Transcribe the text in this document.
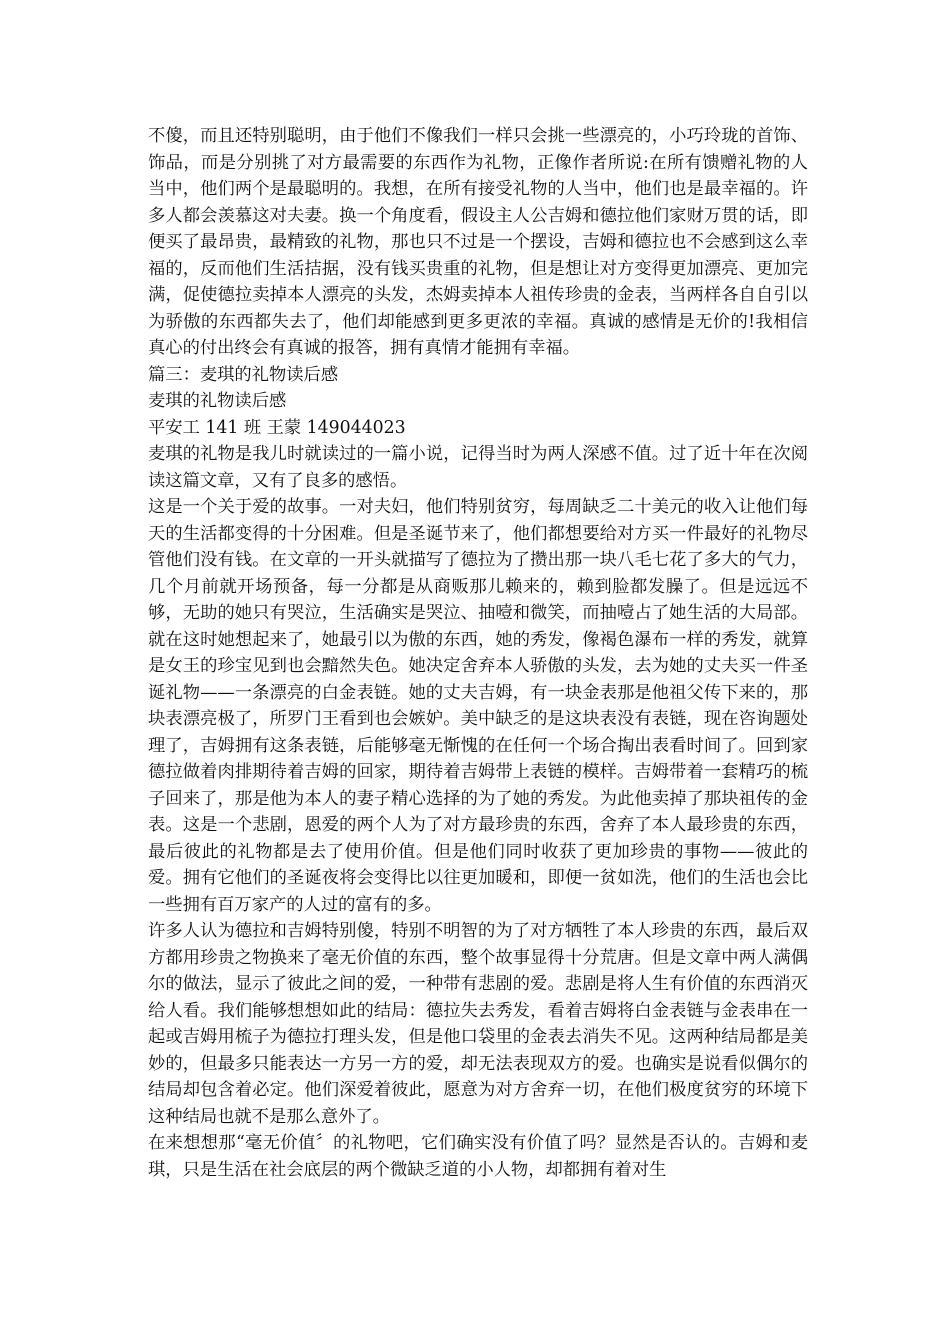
不傻，而且还特别聪明，由于他们不像我们一样只会挑一些漂亮的，小巧玲珑的首饰、饰品，而是分别挑了对方最需要的东西作为礼物，正像作者所说:在所有馈赠礼物的人当中，他们两个是最聪明的。我想，在所有接受礼物的人当中，他们也是最幸福的。许多人都会羡慕这对夫妻。换一个角度看，假设主人公吉姆和德拉他们家财万贯的话，即便买了最昂贵，最精致的礼物，那也只不过是一个摆设，吉姆和德拉也不会感到这么幸福的，反而他们生活拮据，没有钱买贵重的礼物，但是想让对方变得更加漂亮、更加完满，促使德拉卖掉本人漂亮的头发，杰姆卖掉本人祖传珍贵的金表，当两样各自自引以为骄傲的东西都失去了，他们却能感到更多更浓的幸福。真诚的感情是无价的!我相信真心的付出终会有真诚的报答，拥有真情才能拥有幸福。

篇三：麦琪的礼物读后感

麦琪的礼物读后感

平安工 141 班 王蒙 149044023

麦琪的礼物是我儿时就读过的一篇小说，记得当时为两人深感不值。过了近十年在次阅读这篇文章，又有了良多的感悟。

这是一个关于爱的故事。一对夫妇，他们特别贫穷，每周缺乏二十美元的收入让他们每天的生活都变得的十分困难。但是圣诞节来了，他们都想要给对方买一件最好的礼物尽管他们没有钱。在文章的一开头就描写了德拉为了攒出那一块八毛七花了多大的气力，几个月前就开场预备，每一分都是从商贩那儿赖来的，赖到脸都发臊了。但是远远不够，无助的她只有哭泣，生活确实是哭泣、抽噎和微笑，而抽噎占了她生活的大局部。就在这时她想起来了，她最引以为傲的东西，她的秀发，像褐色瀑布一样的秀发，就算是女王的珍宝见到也会黯然失色。她决定舍弃本人骄傲的头发，去为她的丈夫买一件圣诞礼物——一条漂亮的白金表链。她的丈夫吉姆，有一块金表那是他祖父传下来的，那块表漂亮极了，所罗门王看到也会嫉妒。美中缺乏的是这块表没有表链，现在咨询题处理了，吉姆拥有这条表链，后能够毫无惭愧的在任何一个场合掏出表看时间了。回到家德拉做着肉排期待着吉姆的回家，期待着吉姆带上表链的模样。吉姆带着一套精巧的梳子回来了，那是他为本人的妻子精心选择的为了她的秀发。为此他卖掉了那块祖传的金表。这是一个悲剧，恩爱的两个人为了对方最珍贵的东西，舍弃了本人最珍贵的东西，最后彼此的礼物都是去了使用价值。但是他们同时收获了更加珍贵的事物——彼此的爱。拥有它他们的圣诞夜将会变得比以往更加暖和，即便一贫如洗，他们的生活也会比一些拥有百万家产的人过的富有的多。

许多人认为德拉和吉姆特别傻，特别不明智的为了对方牺牲了本人珍贵的东西，最后双方都用珍贵之物换来了毫无价值的东西，整个故事显得十分荒唐。但是文章中两人满偶尔的做法，显示了彼此之间的爱，一种带有悲剧的爱。悲剧是将人生有价值的东西消灭给人看。我们能够想想如此的结局：德拉失去秀发，看着吉姆将白金表链与金表串在一起或吉姆用梳子为德拉打理头发，但是他口袋里的金表去消失不见。这两种结局都是美妙的，但最多只能表达一方另一方的爱，却无法表现双方的爱。也确实是说看似偶尔的结局却包含着必定。他们深爱着彼此，愿意为对方舍弃一切，在他们极度贫穷的环境下这种结局也就不是那么意外了。

在来想想那“毫无价值〞的礼物吧，它们确实没有价值了吗？显然是否认的。吉姆和麦琪，只是生活在社会底层的两个微缺乏道的小人物，却都拥有着对生
